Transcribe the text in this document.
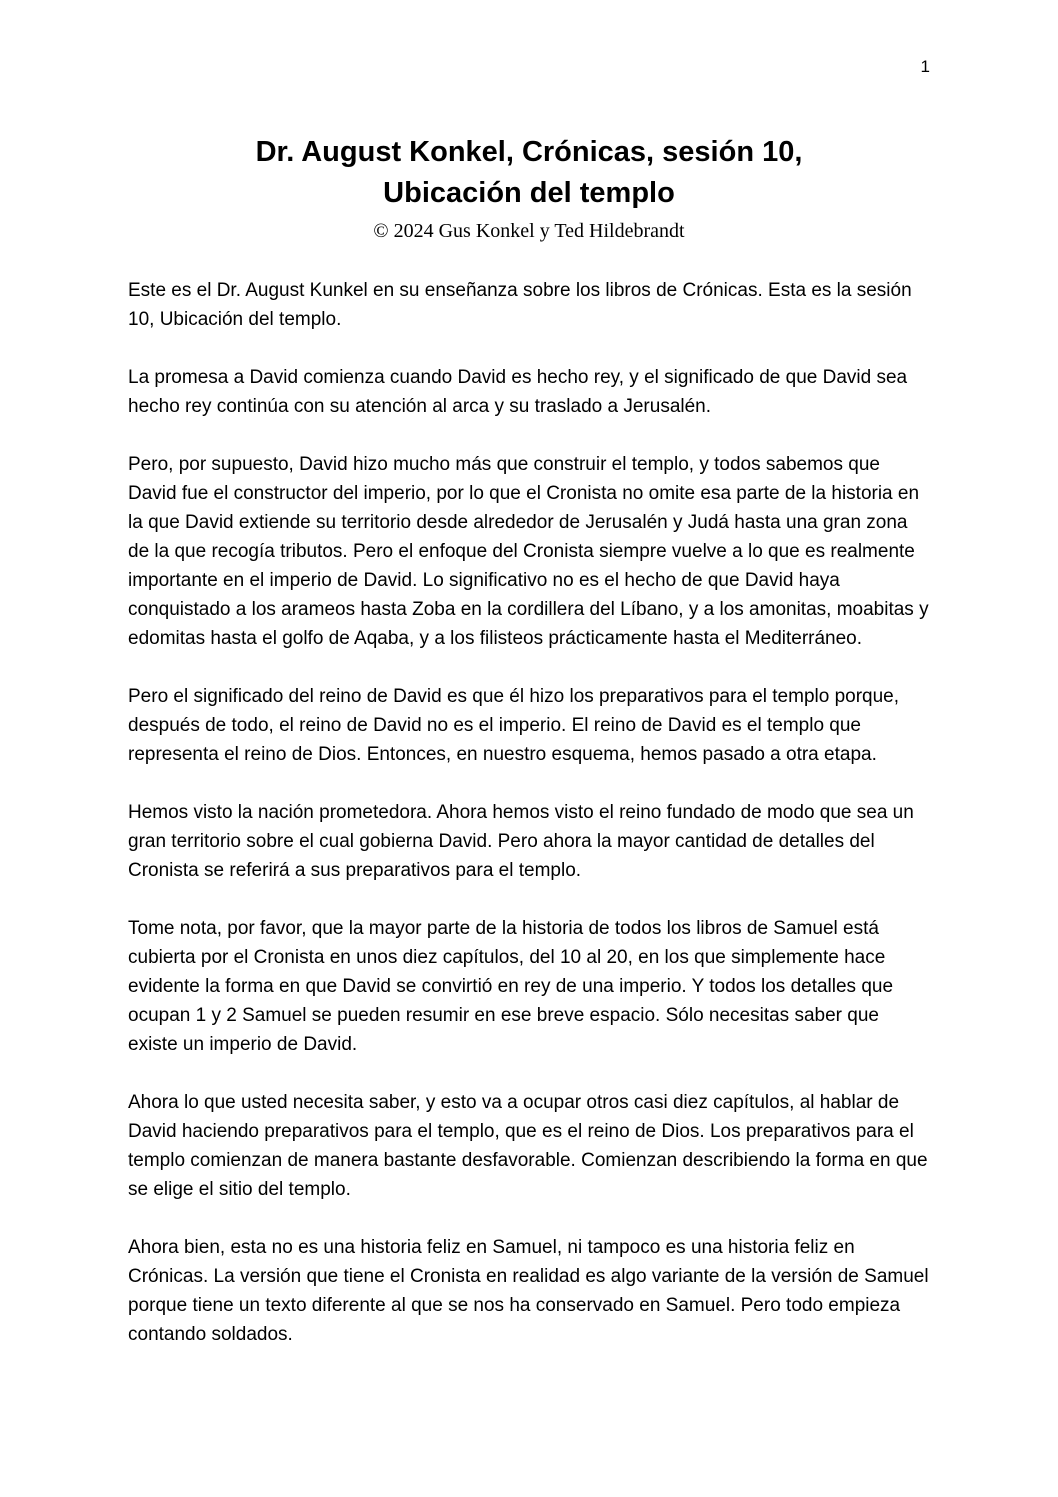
1
Dr. August Konkel, Crónicas, sesión 10,
Ubicación del templo
© 2024 Gus Konkel y Ted Hildebrandt

Este es el Dr. August Kunkel en su enseñanza sobre los libros de Crónicas. Esta es la sesión 10, Ubicación del templo.

La promesa a David comienza cuando David es hecho rey, y el significado de que David sea hecho rey continúa con su atención al arca y su traslado a Jerusalén.

Pero, por supuesto, David hizo mucho más que construir el templo, y todos sabemos que David fue el constructor del imperio, por lo que el Cronista no omite esa parte de la historia en la que David extiende su territorio desde alrededor de Jerusalén y Judá hasta una gran zona de la que recogía tributos. Pero el enfoque del Cronista siempre vuelve a lo que es realmente importante en el imperio de David. Lo significativo no es el hecho de que David haya conquistado a los arameos hasta Zoba en la cordillera del Líbano, y a los amonitas, moabitas y edomitas hasta el golfo de Aqaba, y a los filisteos prácticamente hasta el Mediterráneo.

Pero el significado del reino de David es que él hizo los preparativos para el templo porque, después de todo, el reino de David no es el imperio. El reino de David es el templo que representa el reino de Dios. Entonces, en nuestro esquema, hemos pasado a otra etapa.

Hemos visto la nación prometedora. Ahora hemos visto el reino fundado de modo que sea un gran territorio sobre el cual gobierna David. Pero ahora la mayor cantidad de detalles del Cronista se referirá a sus preparativos para el templo.

Tome nota, por favor, que la mayor parte de la historia de todos los libros de Samuel está cubierta por el Cronista en unos diez capítulos, del 10 al 20, en los que simplemente hace evidente la forma en que David se convirtió en rey de una imperio. Y todos los detalles que ocupan 1 y 2 Samuel se pueden resumir en ese breve espacio. Sólo necesitas saber que existe un imperio de David.

Ahora lo que usted necesita saber, y esto va a ocupar otros casi diez capítulos, al hablar de David haciendo preparativos para el templo, que es el reino de Dios. Los preparativos para el templo comienzan de manera bastante desfavorable. Comienzan describiendo la forma en que se elige el sitio del templo.

Ahora bien, esta no es una historia feliz en Samuel, ni tampoco es una historia feliz en Crónicas. La versión que tiene el Cronista en realidad es algo variante de la versión de Samuel porque tiene un texto diferente al que se nos ha conservado en Samuel. Pero todo empieza contando soldados.
